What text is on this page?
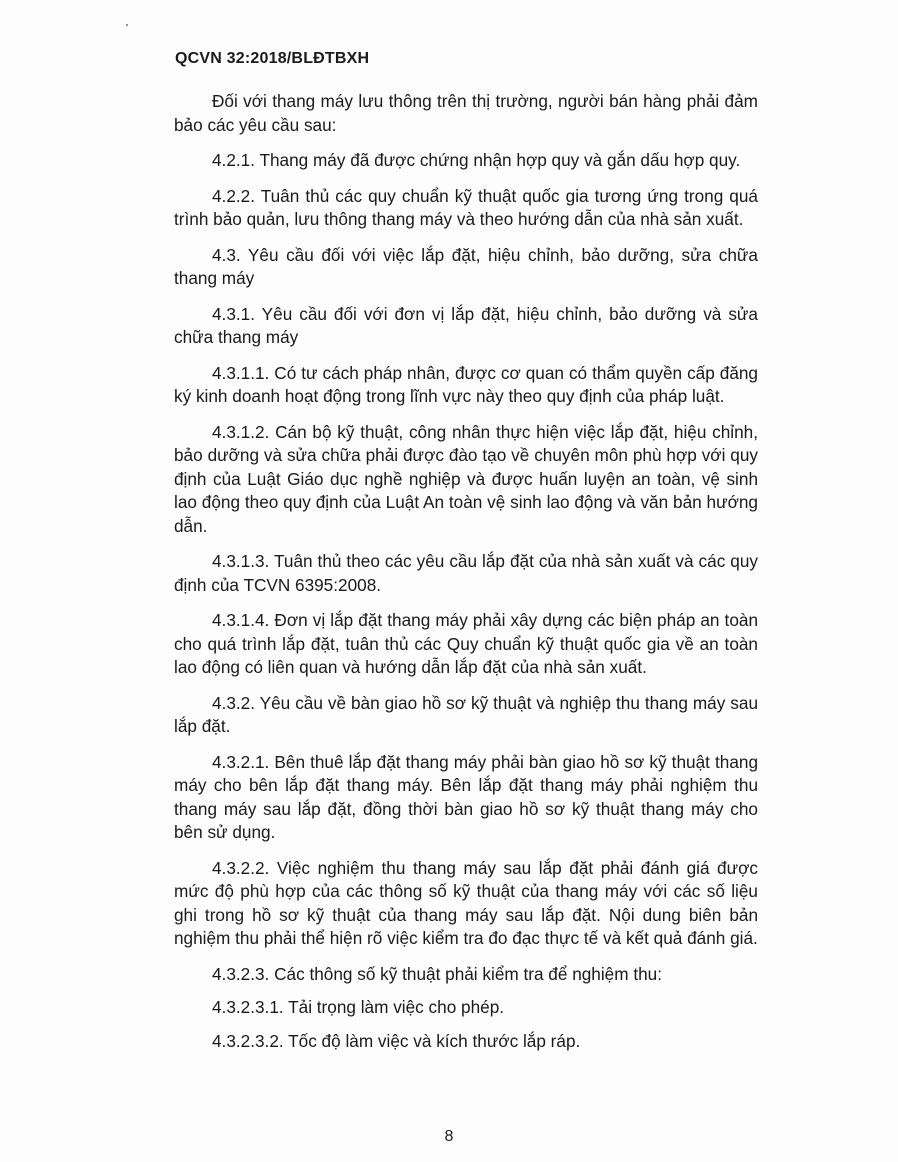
QCVN 32:2018/BLĐTBXH

Đối với thang máy lưu thông trên thị trường, người bán hàng phải đảm bảo các yêu cầu sau:

4.2.1. Thang máy đã được chứng nhận hợp quy và gắn dấu hợp quy.

4.2.2. Tuân thủ các quy chuẩn kỹ thuật quốc gia tương ứng trong quá trình bảo quản, lưu thông thang máy và theo hướng dẫn của nhà sản xuất.

4.3. Yêu cầu đối với việc lắp đặt, hiệu chỉnh, bảo dưỡng, sửa chữa thang máy

4.3.1. Yêu cầu đối với đơn vị lắp đặt, hiệu chỉnh, bảo dưỡng và sửa chữa thang máy

4.3.1.1. Có tư cách pháp nhân, được cơ quan có thẩm quyền cấp đăng ký kinh doanh hoạt động trong lĩnh vực này theo quy định của pháp luật.

4.3.1.2. Cán bộ kỹ thuật, công nhân thực hiện việc lắp đặt, hiệu chỉnh, bảo dưỡng và sửa chữa phải được đào tạo về chuyên môn phù hợp với quy định của Luật Giáo dục nghề nghiệp và được huấn luyện an toàn, vệ sinh lao động theo quy định của Luật An toàn vệ sinh lao động và văn bản hướng dẫn.

4.3.1.3. Tuân thủ theo các yêu cầu lắp đặt của nhà sản xuất và các quy định của TCVN 6395:2008.

4.3.1.4. Đơn vị lắp đặt thang máy phải xây dựng các biện pháp an toàn cho quá trình lắp đặt, tuân thủ các Quy chuẩn kỹ thuật quốc gia về an toàn lao động có liên quan và hướng dẫn lắp đặt của nhà sản xuất.

4.3.2. Yêu cầu về bàn giao hồ sơ kỹ thuật và nghiệp thu thang máy sau lắp đặt.

4.3.2.1. Bên thuê lắp đặt thang máy phải bàn giao hồ sơ kỹ thuật thang máy cho bên lắp đặt thang máy. Bên lắp đặt thang máy phải nghiệm thu thang máy sau lắp đặt, đồng thời bàn giao hồ sơ kỹ thuật thang máy cho bên sử dụng.

4.3.2.2. Việc nghiệm thu thang máy sau lắp đặt phải đánh giá được mức độ phù hợp của các thông số kỹ thuật của thang máy với các số liệu ghi trong hồ sơ kỹ thuật của thang máy sau lắp đặt. Nội dung biên bản nghiệm thu phải thể hiện rõ việc kiểm tra đo đạc thực tế và kết quả đánh giá.

4.3.2.3. Các thông số kỹ thuật phải kiểm tra để nghiệm thu:

4.3.2.3.1. Tải trọng làm việc cho phép.

4.3.2.3.2. Tốc độ làm việc và kích thước lắp ráp.

8
